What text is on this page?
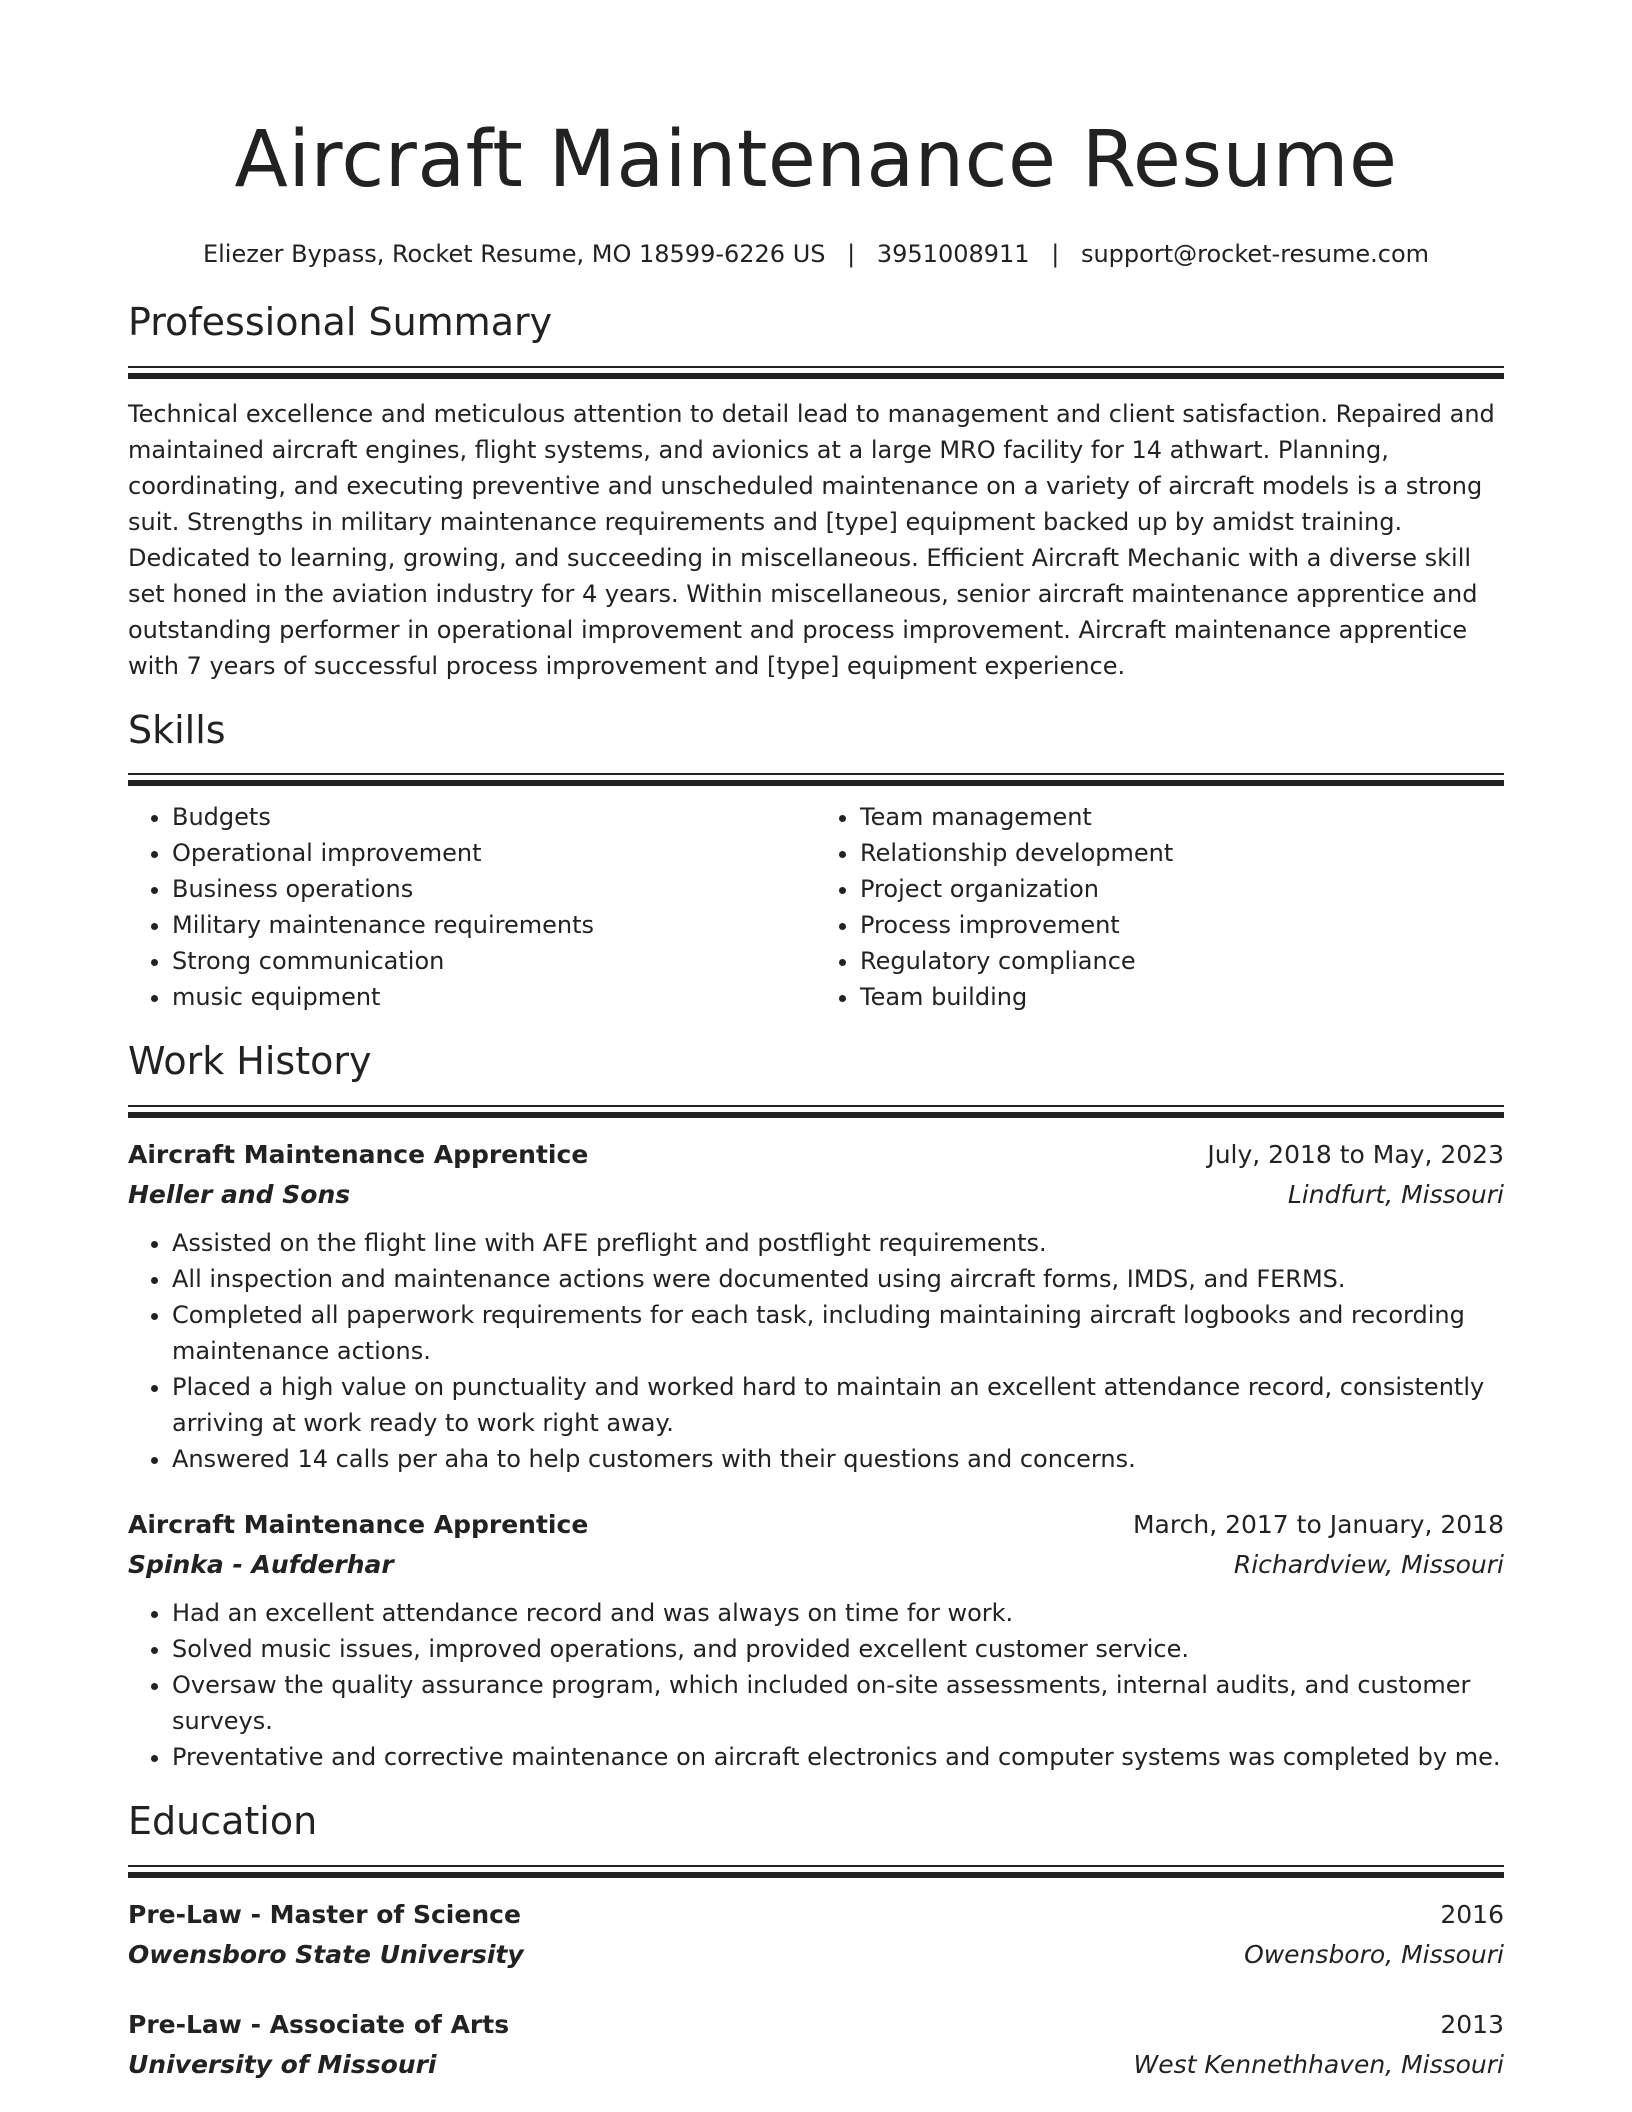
Aircraft Maintenance Resume
Eliezer Bypass, Rocket Resume, MO 18599-6226 US | 3951008911 | support@rocket-resume.com
Professional Summary

Technical excellence and meticulous attention to detail lead to management and client satisfaction. Repaired and maintained aircraft engines, flight systems, and avionics at a large MRO facility for 14 athwart. Planning, coordinating, and executing preventive and unscheduled maintenance on a variety of aircraft models is a strong suit. Strengths in military maintenance requirements and [type] equipment backed up by amidst training. Dedicated to learning, growing, and succeeding in miscellaneous. Efficient Aircraft Mechanic with a diverse skill set honed in the aviation industry for 4 years. Within miscellaneous, senior aircraft maintenance apprentice and outstanding performer in operational improvement and process improvement. Aircraft maintenance apprentice with 7 years of successful process improvement and [type] equipment experience.

Skills
• Budgets
• Operational improvement
• Business operations
• Military maintenance requirements
• Strong communication
• music equipment
• Team management
• Relationship development
• Project organization
• Process improvement
• Regulatory compliance
• Team building
Work History
Aircraft Maintenance Apprentice	July, 2018 to May, 2023
Heller and Sons	Lindfurt, Missouri
• Assisted on the flight line with AFE preflight and postflight requirements.
• All inspection and maintenance actions were documented using aircraft forms, IMDS, and FERMS.
• Completed all paperwork requirements for each task, including maintaining aircraft logbooks and recording maintenance actions.
• Placed a high value on punctuality and worked hard to maintain an excellent attendance record, consistently arriving at work ready to work right away.
• Answered 14 calls per aha to help customers with their questions and concerns.
Aircraft Maintenance Apprentice	March, 2017 to January, 2018
Spinka - Aufderhar	Richardview, Missouri
• Had an excellent attendance record and was always on time for work.
• Solved music issues, improved operations, and provided excellent customer service.
• Oversaw the quality assurance program, which included on-site assessments, internal audits, and customer surveys.
• Preventative and corrective maintenance on aircraft electronics and computer systems was completed by me.
Education
Pre-Law - Master of Science	2016
Owensboro State University	Owensboro, Missouri
Pre-Law - Associate of Arts	2013
University of Missouri	West Kennethhaven, Missouri
